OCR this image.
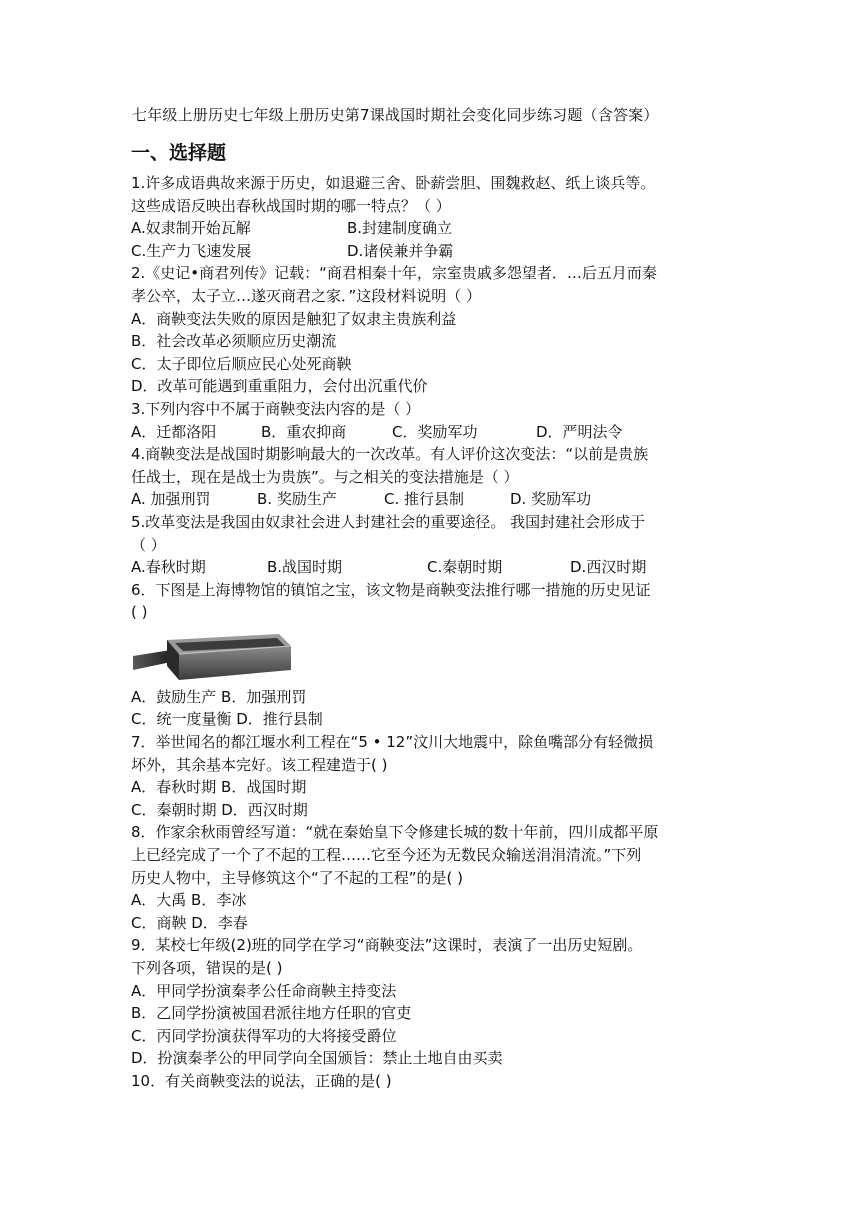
七年级上册历史七年级上册历史第7课战国时期社会变化同步练习题（含答案）
一、选择题
1.许多成语典故来源于历史，如退避三舍、卧薪尝胆、围魏救赵、纸上谈兵等。
这些成语反映出春秋战国时期的哪一特点？（ ）
A.奴隶制开始瓦解	B.封建制度确立
C.生产力飞速发展	D.诸侯兼并争霸
2.《史记•商君列传》记载：“商君相秦十年，宗室贵戚多怨望者．…后五月而秦
孝公卒，太子立…遂灭商君之家．”这段材料说明（ ）
A．商鞅变法失败的原因是触犯了奴隶主贵族利益
B．社会改革必须顺应历史潮流
C．太子即位后顺应民心处死商鞅
D．改革可能遇到重重阻力，会付出沉重代价
3.下列内容中不属于商鞅变法内容的是（ ）
A．迁都洛阳	B．重农抑商	C．奖励军功	D．严明法令
4.商鞅变法是战国时期影响最大的一次改革。有人评价这次变法：“以前是贵族
任战士，现在是战士为贵族”。与之相关的变法措施是（ ）
A. 加强刑罚	B. 奖励生产	C. 推行县制	D. 奖励军功
5.改革变法是我国由奴隶社会进人封建社会的重要途径。 我国封建社会形成于
（ ）
A.春秋时期	B.战国时期	C.秦朝时期	D.西汉时期
6．下图是上海博物馆的镇馆之宝，该文物是商鞅变法推行哪一措施的历史见证
( )
A．鼓励生产 B．加强刑罚
C．统一度量衡 D．推行县制
7．举世闻名的都江堰水利工程在“5 • 12”汶川大地震中，除鱼嘴部分有轻微损
坏外，其余基本完好。该工程建造于( )
A．春秋时期 B．战国时期
C．秦朝时期 D．西汉时期
8．作家余秋雨曾经写道：“就在秦始皇下令修建长城的数十年前，四川成都平原
上已经完成了一个了不起的工程……它至今还为无数民众输送涓涓清流。”下列
历史人物中，主导修筑这个“了不起的工程”的是( )
A．大禹 B．李冰
C．商鞅 D．李春
9．某校七年级(2)班的同学在学习“商鞅变法”这课时，表演了一出历史短剧。
下列各项，错误的是( )
A．甲同学扮演秦孝公任命商鞅主持变法
B．乙同学扮演被国君派往地方任职的官吏
C．丙同学扮演获得军功的大将接受爵位
D．扮演秦孝公的甲同学向全国颁旨：禁止土地自由买卖
10．有关商鞅变法的说法，正确的是( )
